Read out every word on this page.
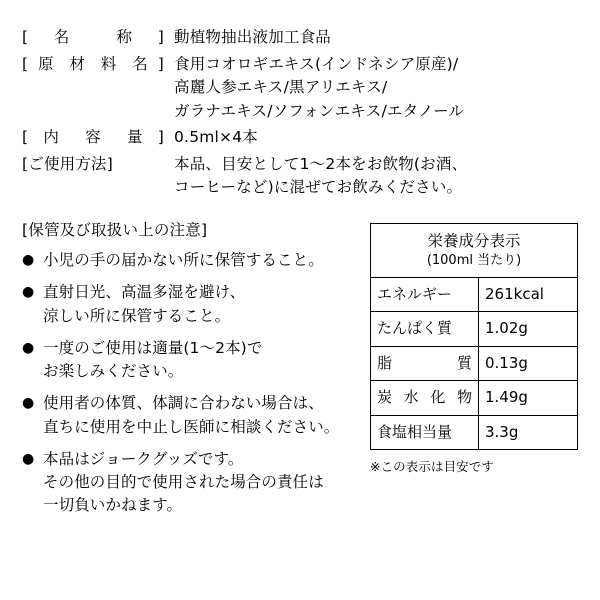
[ 名 称 ]	動植物抽出液加工食品

[ 原 材 料 名 ]	食用コオロギエキス(インドネシア原産)/
高麗人参エキス/黒アリエキス/
ガラナエキス/ソフォンエキス/エタノール

[ 内 容 量 ]	0.5ml×4本

[ご使用方法]	本品、目安として1〜2本をお飲物(お酒、
コーヒーなど)に混ぜてお飲みください。
[保管及び取扱い上の注意]
● 小児の手の届かない所に保管すること。
● 直射日光、高温多湿を避け、
涼しい所に保管すること。
● 一度のご使用は適量(1〜2本)で
お楽しみください。
● 使用者の体質、体調に合わない場合は、
直ちに使用を中止し医師に相談ください。
● 本品はジョークグッズです。
その他の目的で使用された場合の責任は
一切負いかねます。
栄養成分表示
(100ml 当たり)	

エネルギー	261kcal

たんぱく質	1.02g

脂 質	0.13g

炭 水 化 物	1.49g

食塩相当量	3.3g
※この表示は目安です
